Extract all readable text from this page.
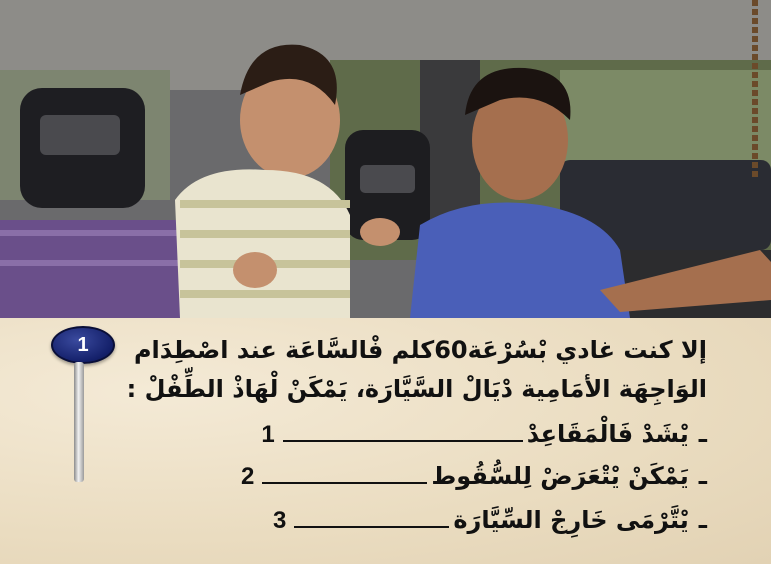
1 إلا كنت غادي بْسُرْعَة60كلم فْالسَّاعَة عند اصْطِدَام
الوَاجِهَة الأمَامِية دْيَالْ السَّيَّارَة، يَمْكَنْ لْهَاذْ الطِّفْلْ :
ـ
يْشَدْ فَالْمَقَاعِدْ
1
ـ
يَمْكَنْ يْتْعَرَضْ لِلسُّقُوط
2
ـ
يْتَّرْمَى خَارِجْ السِّيَّارَة
3
